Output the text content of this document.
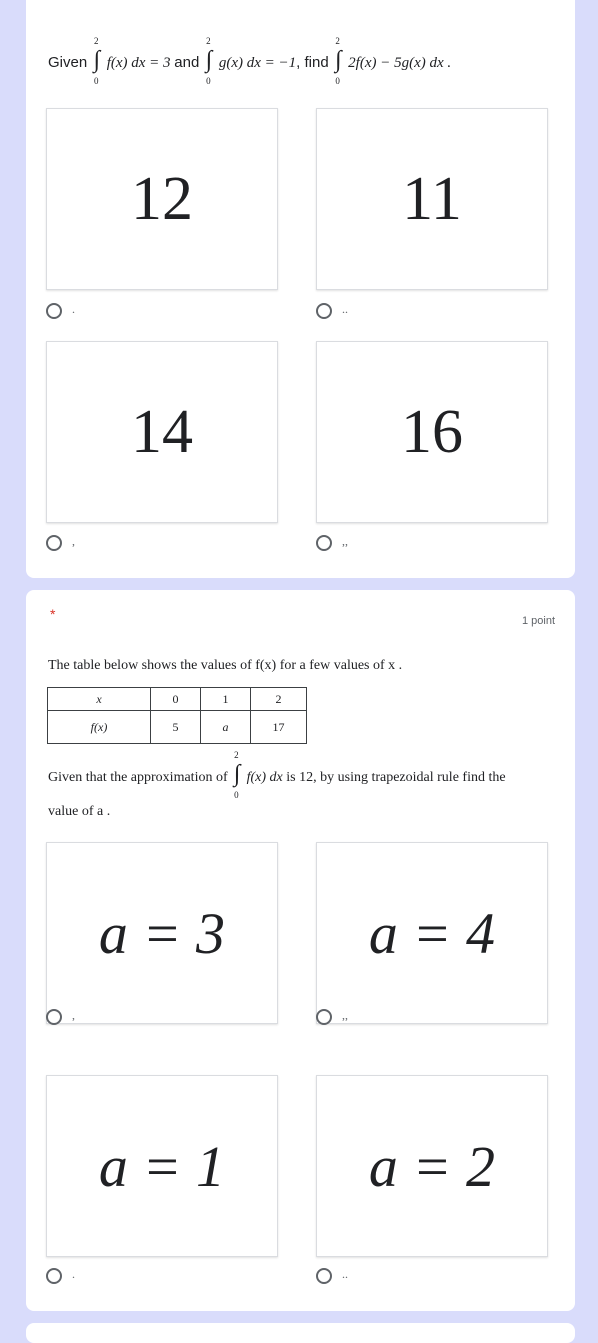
Given
2
∫
0
f(x) dx = 3 and
2
∫
0
g(x) dx = −1, find
2
∫
0
2f(x) − 5g(x) dx .
12	11
.	..
14	16
,	,,
*	1 point
The table below shows the values of f(x) for a few values of x .
x	0	1	2
f(x)	5	a	17
Given that the approximation of
2
∫
0
f(x) dx is 12, by using trapezoidal rule find the
value of a .
a = 3 a = 4
,	,,
a = 1 a = 2
.	..
